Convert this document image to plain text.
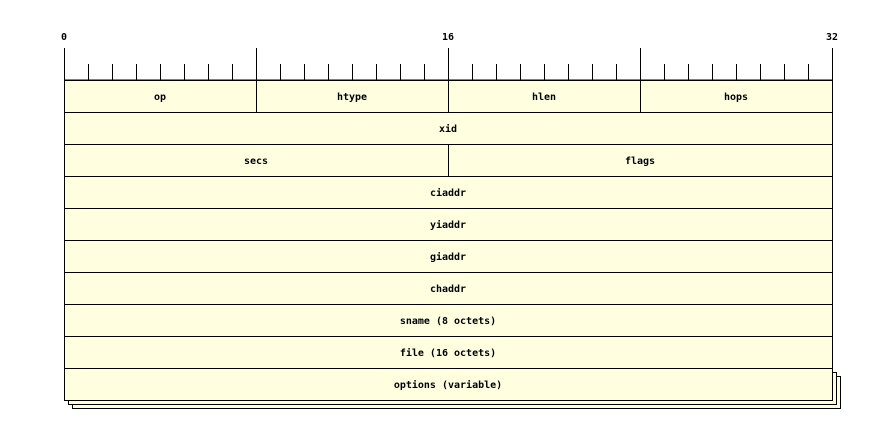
0	16	32
op	htype	hlen	hops
xid
secs	flags
ciaddr
yiaddr
giaddr
chaddr
sname (8 octets)
file (16 octets)
options (variable)
